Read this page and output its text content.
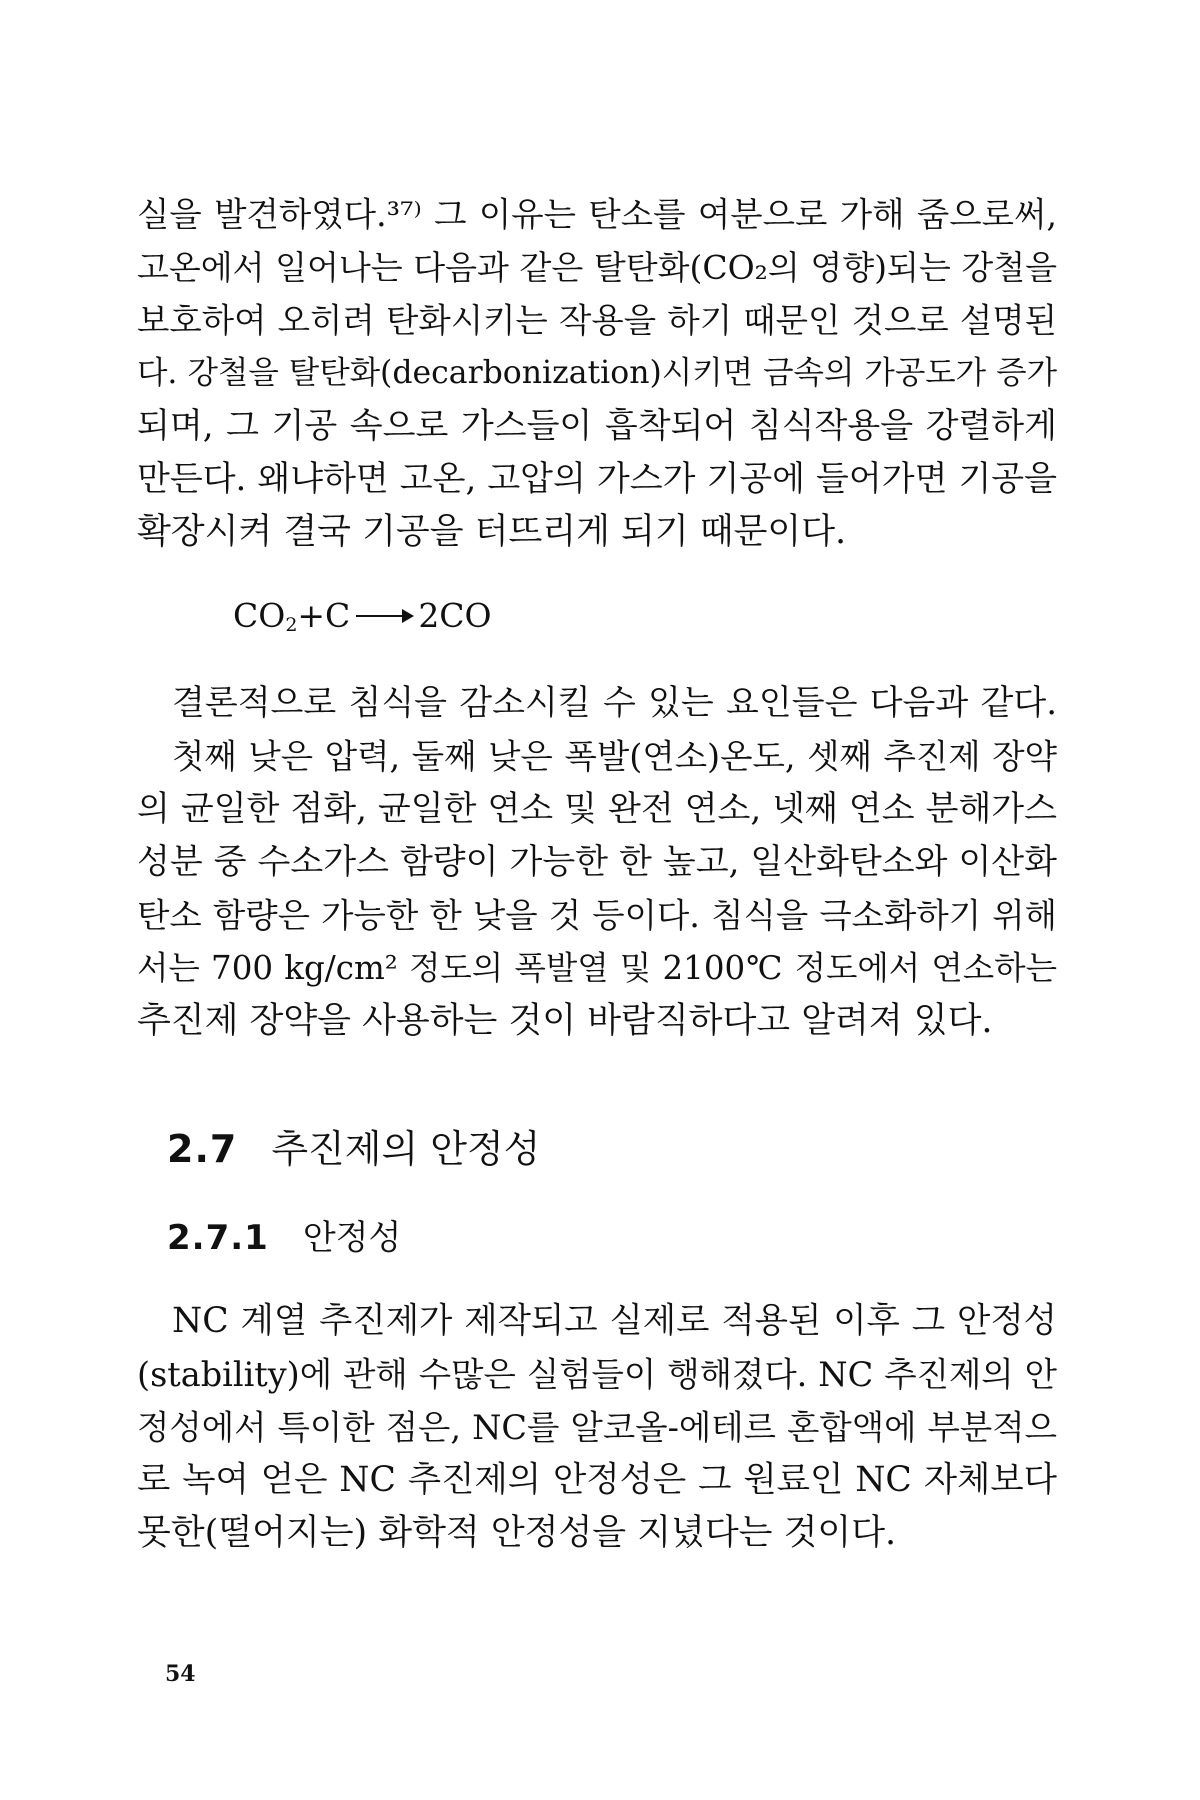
실을 발견하였다.³⁷⁾ 그 이유는 탄소를 여분으로 가해 줌으로써,
고온에서 일어나는 다음과 같은 탈탄화(CO₂의 영향)되는 강철을
보호하여 오히려 탄화시키는 작용을 하기 때문인 것으로 설명된
다. 강철을 탈탄화(decarbonization)시키면 금속의 가공도가 증가
되며, 그 기공 속으로 가스들이 흡착되어 침식작용을 강렬하게
만든다. 왜냐하면 고온, 고압의 가스가 기공에 들어가면 기공을
확장시켜 결국 기공을 터뜨리게 되기 때문이다.
$CO_2 +C \to 2CO$
결론적으로 침식을 감소시킬 수 있는 요인들은 다음과 같다.
첫째 낮은 압력, 둘째 낮은 폭발(연소)온도, 셋째 추진제 장약
의 균일한 점화, 균일한 연소 및 완전 연소, 넷째 연소 분해가스
성분 중 수소가스 함량이 가능한 한 높고, 일산화탄소와 이산화
탄소 함량은 가능한 한 낮을 것 등이다. 침식을 극소화하기 위해
서는 700 kg/cm² 정도의 폭발열 및 2100℃ 정도에서 연소하는
추진제 장약을 사용하는 것이 바람직하다고 알려져 있다.
2.7 추진제의 안정성
2.7.1 안정성
NC 계열 추진제가 제작되고 실제로 적용된 이후 그 안정성
(stability)에 관해 수많은 실험들이 행해졌다. NC 추진제의 안
정성에서 특이한 점은, NC를 알코올-에테르 혼합액에 부분적으
로 녹여 얻은 NC 추진제의 안정성은 그 원료인 NC 자체보다
못한(떨어지는) 화학적 안정성을 지녔다는 것이다.
54
